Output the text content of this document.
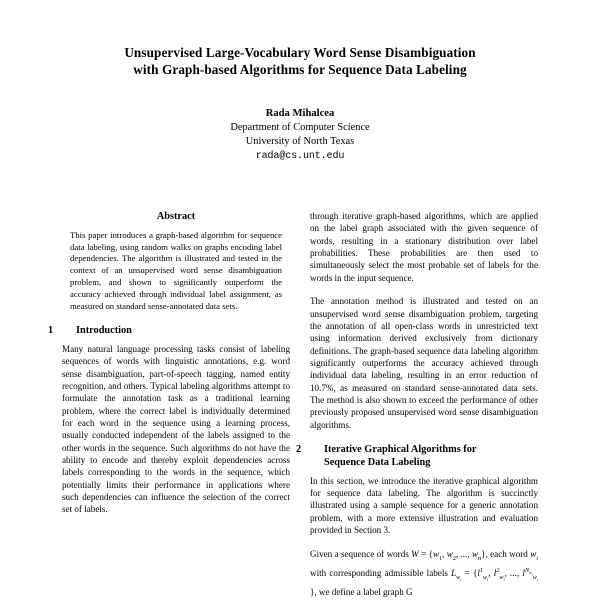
Unsupervised Large-Vocabulary Word Sense Disambiguation

with Graph-based Algorithms for Sequence Data Labeling
Rada Mihalcea
Department of Computer Science
University of North Texas
rada@cs.unt.edu
Abstract

This paper introduces a graph-based algorithm for sequence data labeling, using random walks on graphs encoding label dependencies. The algorithm is illustrated and tested in the context of an unsupervised word sense disambiguation problem, and shown to significantly outperform the accuracy achieved through individual label assignment, as measured on standard sense-annotated data sets.

1 Introduction

Many natural language processing tasks consist of labeling sequences of words with linguistic annotations, e.g. word sense disambiguation, part-of-speech tagging, named entity recognition, and others. Typical labeling algorithms attempt to formulate the annotation task as a traditional learning problem, where the correct label is individually determined for each word in the sequence using a learning process, usually conducted independent of the labels assigned to the other words in the sequence. Such algorithms do not have the ability to encode and thereby exploit dependencies across labels corresponding to the words in the sequence, which potentially limits their performance in applications where such dependencies can influence the selection of the correct set of labels.

through iterative graph-based algorithms, which are applied on the label graph associated with the given sequence of words, resulting in a stationary distribution over label probabilities. These probabilities are then used to simultaneously select the most probable set of labels for the words in the input sequence.

The annotation method is illustrated and tested on an unsupervised word sense disambiguation problem, targeting the annotation of all open-class words in unrestricted text using information derived exclusively from dictionary definitions. The graph-based sequence data labeling algorithm significantly outperforms the accuracy achieved through individual data labeling, resulting in an error reduction of 10.7%, as measured on standard sense-annotated data sets. The method is also shown to exceed the performance of other previously proposed unsupervised word sense disambiguation algorithms.

2 Iterative Graphical Algorithms for
Sequence Data Labeling

In this section, we introduce the iterative graphical algorithm for sequence data labeling. The algorithm is succinctly illustrated using a sample sequence for a generic annotation problem, with a more extensive illustration and evaluation provided in Section 3.

Given a sequence of words $W = \{w_1$, $w_2$, ..., $w_n$}, each word $w_i$ with corresponding admissible labels $L_{w_i} = \{l^1_{w_i}$, $l^2_{w_i}$, ..., $l^{N_{w_i}}_{w_i}$ }, we define a label graph G
